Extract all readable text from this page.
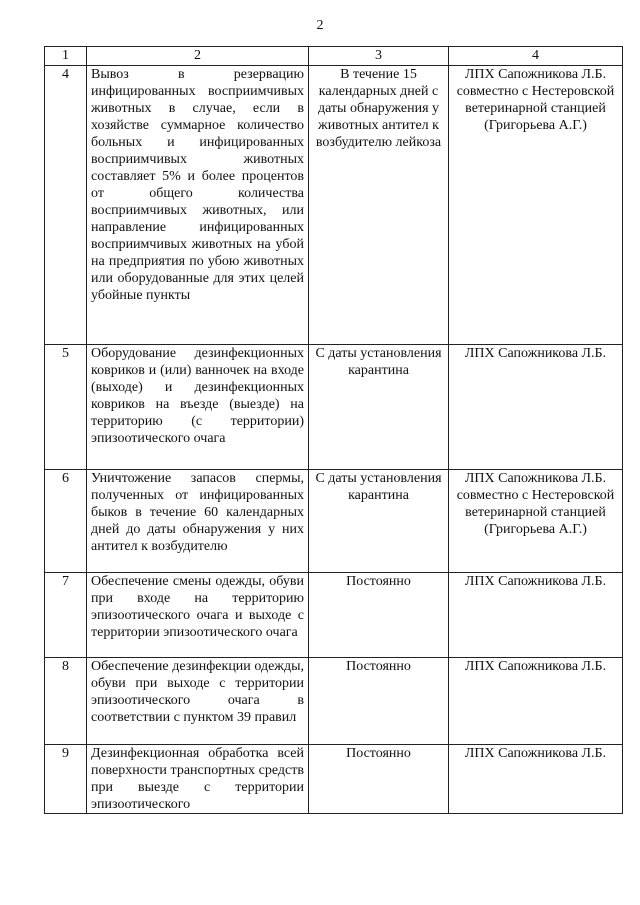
2
1	2	3	4
4	Вывоз в резервацию инфицированных восприимчивых животных в случае, если в хозяйстве суммарное количество больных и инфицированных восприимчивых животных составляет 5% и более процентов от общего количества восприимчивых животных, или направление инфицированных восприимчивых животных на убой на предприятия по убою животных или оборудованные для этих целей убойные пункты	В течение 15 календарных дней с даты обнаружения у животных антител к возбудителю лейкоза	ЛПХ Сапожникова Л.Б. совместно с Нестеровской ветеринарной станцией (Григорьева А.Г.)
5	Оборудование дезинфекционных ковриков и (или) ванночек на входе (выходе) и дезинфекционных ковриков на въезде (выезде) на территорию (с территории) эпизоотического очага	С даты установления карантина	ЛПХ Сапожникова Л.Б.
6	Уничтожение запасов спермы, полученных от инфицированных быков в течение 60 календарных дней до даты обнаружения у них антител к возбудителю	С даты установления карантина	ЛПХ Сапожникова Л.Б. совместно с Нестеровской ветеринарной станцией (Григорьева А.Г.)
7	Обеспечение смены одежды, обуви при входе на территорию эпизоотического очага и выходе с территории эпизоотического очага	Постоянно	ЛПХ Сапожникова Л.Б.
8	Обеспечение дезинфекции одежды, обуви при выходе с территории эпизоотического очага в соответствии с пунктом 39 правил	Постоянно	ЛПХ Сапожникова Л.Б.
9	Дезинфекционная обработка всей поверхности транспортных средств при выезде с территории эпизоотического	Постоянно	ЛПХ Сапожникова Л.Б.
